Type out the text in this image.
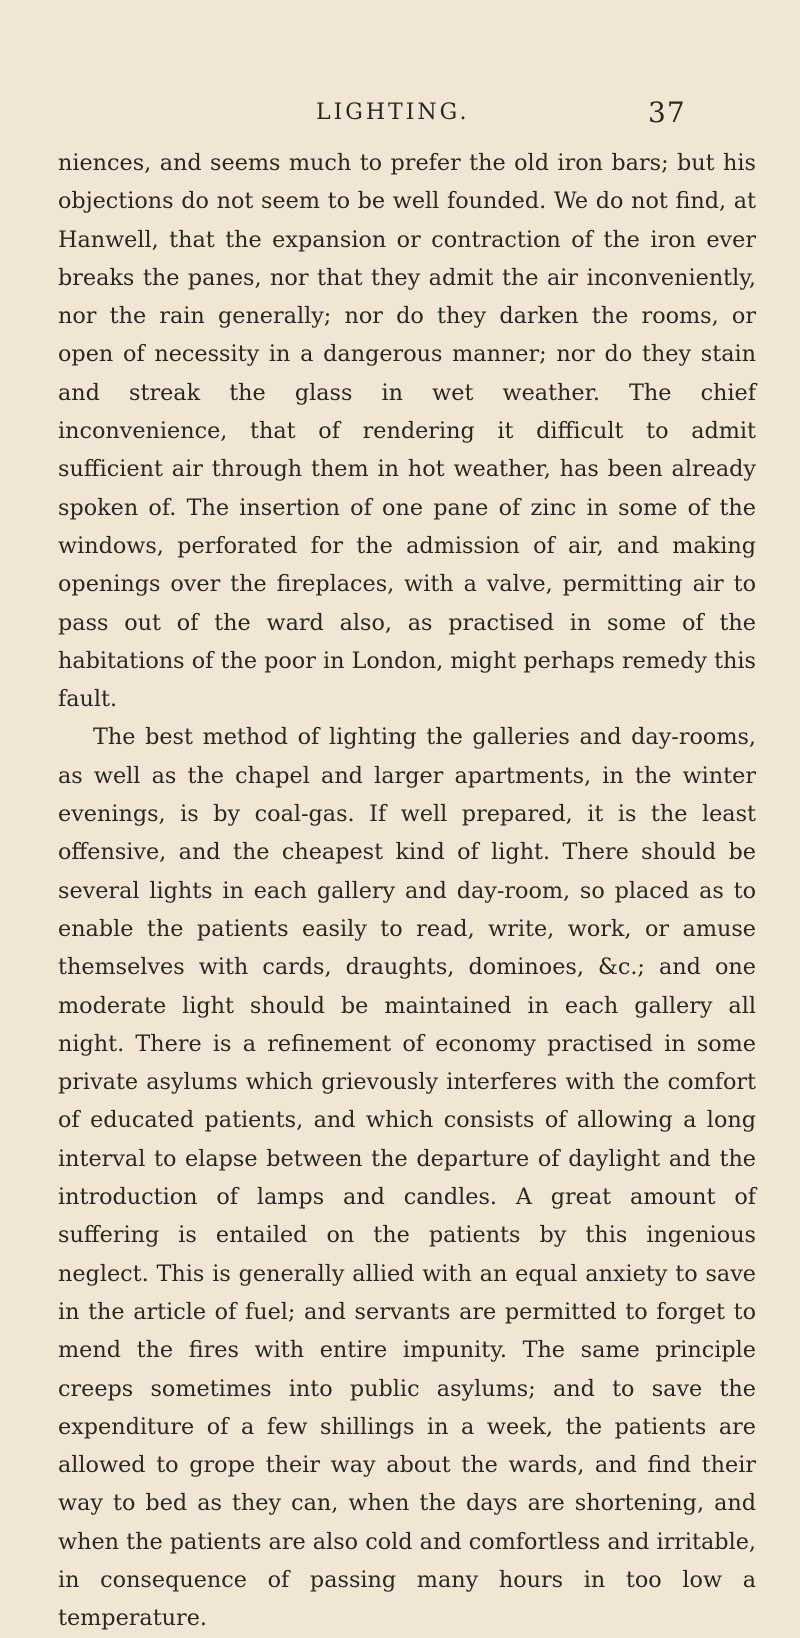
LIGHTING.	37

niences, and seems much to prefer the old iron bars; but his objections do not seem to be well founded. We do not find, at Hanwell, that the expansion or contraction of the iron ever breaks the panes, nor that they admit the air inconveniently, nor the rain generally; nor do they darken the rooms, or open of necessity in a dangerous manner; nor do they stain and streak the glass in wet weather. The chief inconvenience, that of rendering it difficult to admit sufficient air through them in hot weather, has been already spoken of. The insertion of one pane of zinc in some of the windows, perforated for the admission of air, and making openings over the fireplaces, with a valve, permitting air to pass out of the ward also, as practised in some of the habitations of the poor in London, might perhaps remedy this fault.

The best method of lighting the galleries and day-rooms, as well as the chapel and larger apartments, in the winter evenings, is by coal-gas. If well prepared, it is the least offensive, and the cheapest kind of light. There should be several lights in each gallery and day-room, so placed as to enable the patients easily to read, write, work, or amuse themselves with cards, draughts, dominoes, &c.; and one moderate light should be maintained in each gallery all night. There is a refinement of economy practised in some private asylums which grievously interferes with the comfort of educated patients, and which consists of allowing a long interval to elapse between the departure of daylight and the introduction of lamps and candles. A great amount of suffering is entailed on the patients by this ingenious neglect. This is generally allied with an equal anxiety to save in the article of fuel; and servants are permitted to forget to mend the fires with entire impunity. The same principle creeps sometimes into public asylums; and to save the expenditure of a few shillings in a week, the patients are allowed to grope their way about the wards, and find their way to bed as they can, when the days are shortening, and when the patients are also cold and comfortless and irritable, in consequence of passing many hours in too low a temperature.
